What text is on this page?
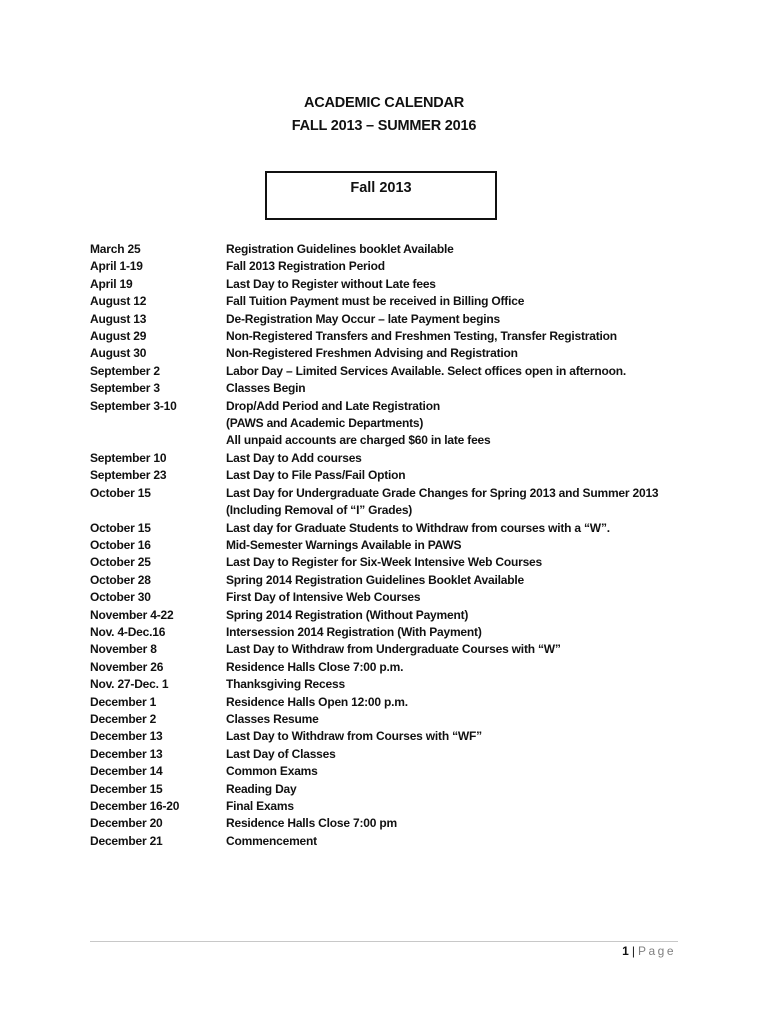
ACADEMIC CALENDAR
FALL 2013 – SUMMER 2016
Fall 2013
March 25	Registration Guidelines booklet Available
April 1-19	Fall 2013 Registration Period
April 19	Last Day to Register without Late fees
August 12	Fall Tuition Payment must be received in Billing Office
August 13	De-Registration May Occur – late Payment begins
August 29	Non-Registered Transfers and Freshmen Testing, Transfer Registration
August 30	Non-Registered Freshmen Advising and Registration
September 2	Labor Day – Limited Services Available. Select offices open in afternoon.
September 3	Classes Begin
September 3-10	Drop/Add Period and Late Registration
(PAWS and Academic Departments)
All unpaid accounts are charged $60 in late fees
September 10	Last Day to Add courses
September 23	Last Day to File Pass/Fail Option
October 15	Last Day for Undergraduate Grade Changes for Spring 2013 and Summer 2013
(Including Removal of “I” Grades)
October 15	Last day for Graduate Students to Withdraw from courses with a “W”.
October 16	Mid-Semester Warnings Available in PAWS
October 25	Last Day to Register for Six-Week Intensive Web Courses
October 28	Spring 2014 Registration Guidelines Booklet Available
October 30	First Day of Intensive Web Courses
November 4-22	Spring 2014 Registration (Without Payment)
Nov. 4-Dec.16	Intersession 2014 Registration (With Payment)
November 8	Last Day to Withdraw from Undergraduate Courses with “W”
November 26	Residence Halls Close 7:00 p.m.
Nov. 27-Dec. 1	Thanksgiving Recess
December 1	Residence Halls Open 12:00 p.m.
December 2	Classes Resume
December 13	Last Day to Withdraw from Courses with “WF”
December 13	Last Day of Classes
December 14	Common Exams
December 15	Reading Day
December 16-20	Final Exams
December 20	Residence Halls Close 7:00 pm
December 21	Commencement
1 | Page
